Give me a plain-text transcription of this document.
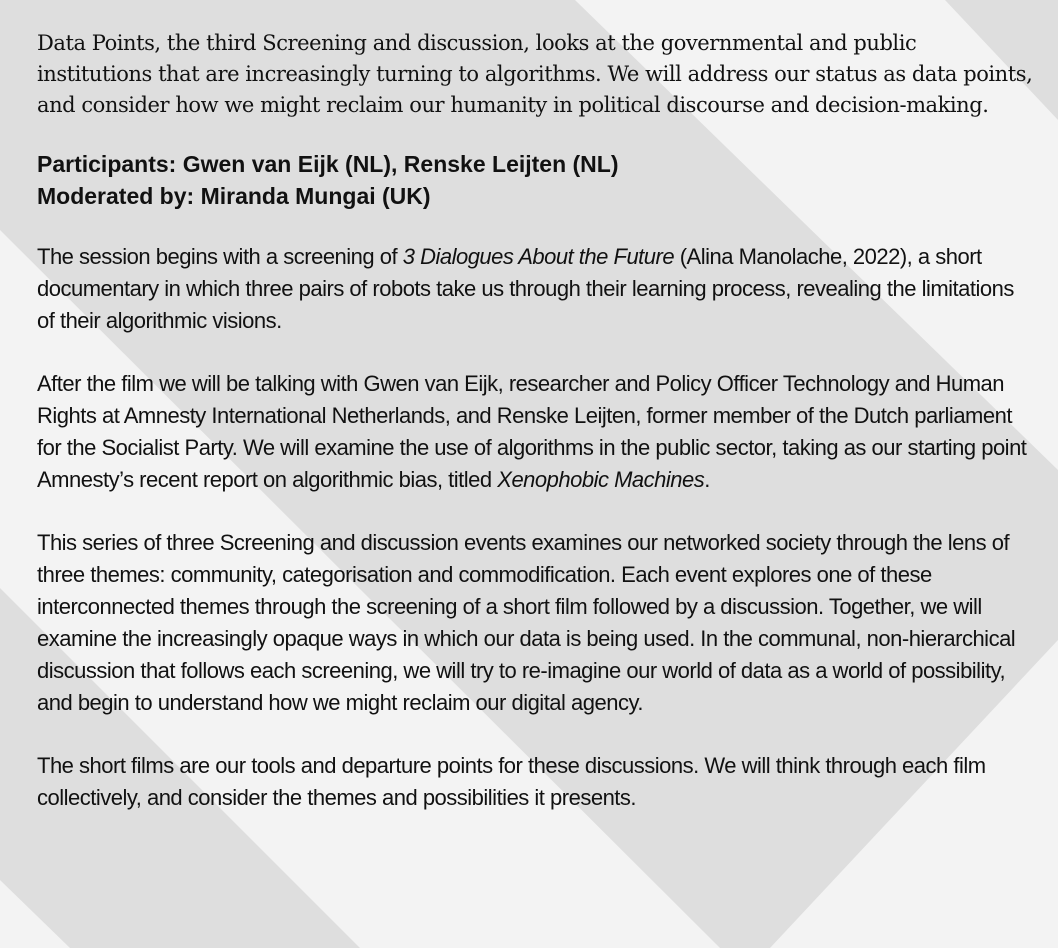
Data Points, the third Screening and discussion, looks at the governmental and public institutions that are increasingly turning to algorithms. We will address our status as data points, and consider how we might reclaim our humanity in political discourse and decision-making.

Participants: Gwen van Eijk (NL), Renske Leijten (NL)
Moderated by: Miranda Mungai (UK)

The session begins with a screening of 3 Dialogues About the Future (Alina Manolache, 2022), a short documentary in which three pairs of robots take us through their learning process, revealing the limitations of their algorithmic visions.

After the film we will be talking with Gwen van Eijk, researcher and Policy Officer Technology and Human Rights at Amnesty International Netherlands, and Renske Leijten, former member of the Dutch parliament for the Socialist Party. We will examine the use of algorithms in the public sector, taking as our starting point Amnesty’s recent report on algorithmic bias, titled Xenophobic Machines.

This series of three Screening and discussion events examines our networked society through the lens of three themes: community, categorisation and commodification. Each event explores one of these interconnected themes through the screening of a short film followed by a discussion. Together, we will examine the increasingly opaque ways in which our data is being used. In the communal, non-hierarchical discussion that follows each screening, we will try to re-imagine our world of data as a world of possibility, and begin to understand how we might reclaim our digital agency.

The short films are our tools and departure points for these discussions. We will think through each film collectively, and consider the themes and possibilities it presents.
